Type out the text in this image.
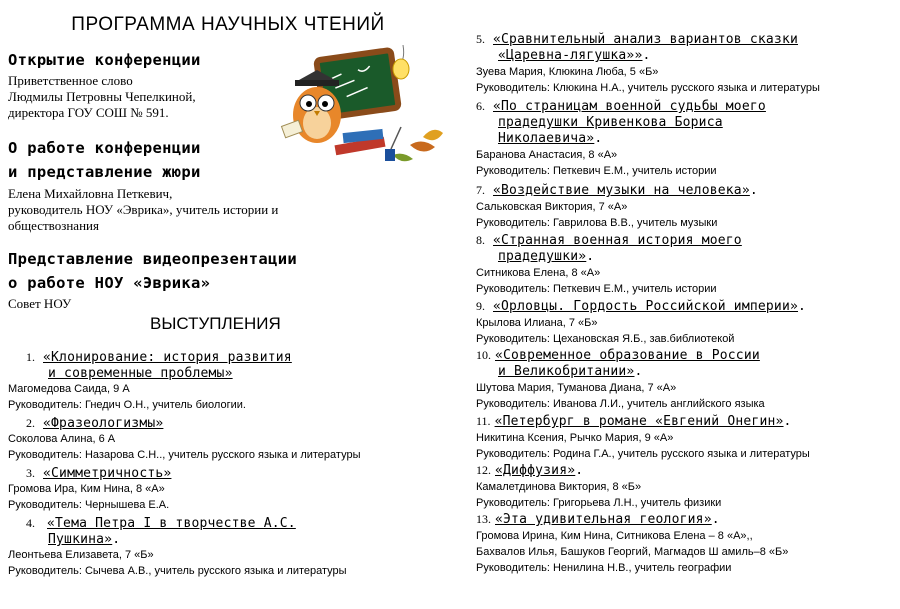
ПРОГРАММА НАУЧНЫХ ЧТЕНИЙ
Открытие конференции
Приветственное слово
Людмилы Петровны Чепелкиной,
директора ГОУ СОШ № 591.
О работе конференции
и представление жюри
Елена Михайловна Петкевич,
руководитель НОУ «Эврика», учитель истории и
обществознания
Представление видеопрезентации
о работе НОУ «Эврика»
Совет НОУ
ВЫСТУПЛЕНИЯ
1. «Клонирование: история развития
и современные проблемы»
Магомедова Саида, 9 А
Руководитель: Гнедич О.Н., учитель биологии.
2. «Фразеологизмы»
Соколова Алина, 6 А
Руководитель: Назарова С.Н.., учитель русского языка и литературы
3. «Симметричность»
Громова Ира, Ким Нина, 8 «А»
Руководитель: Чернышева Е.А.
4. «Тема Петра I в творчестве А.С.
Пушкина».
Леонтьева Елизавета, 7 «Б»
Руководитель: Сычева А.В., учитель русского языка и литературы
5. «Сравнительный анализ вариантов сказки
«Царевна-лягушка»».
Зуева Мария, Клюкина Люба, 5 «Б»
Руководитель: Клюкина Н.А., учитель русского языка и литературы
6. «По страницам военной судьбы моего
прадедушки Кривенкова Бориса
Николаевича».
Баранова Анастасия, 8 «А»
Руководитель: Петкевич Е.М., учитель истории
7. «Воздействие музыки на человека».
Сальковская Виктория, 7 «А»
Руководитель: Гаврилова В.В., учитель музыки
8. «Странная военная история моего
прадедушки».
Ситникова Елена, 8 «А»
Руководитель: Петкевич Е.М., учитель истории
9. «Орловцы. Гордость Российской империи».
Крылова Илиана, 7 «Б»
Руководитель: Цехановская Я.Б., зав.библиотекой
10. «Современное образование в России
и Великобритании».
Шутова Мария, Туманова Диана, 7 «А»
Руководитель: Иванова Л.И., учитель английского языка
11. «Петербург в романе «Евгений Онегин».
Никитина Ксения, Рычко Мария, 9 «А»
Руководитель: Родина Г.А., учитель русского языка и литературы
12. «Диффузия».
Камалетдинова Виктория, 8 «Б»
Руководитель: Григорьева Л.Н., учитель физики
13. «Эта удивительная геология».
Громова Ирина, Ким Нина, Ситникова Елена – 8 «А»,,
Бахвалов Илья, Башуков Георгий, Магмадов Ш амиль–8 «Б»
Руководитель: Ненилина Н.В., учитель географии
